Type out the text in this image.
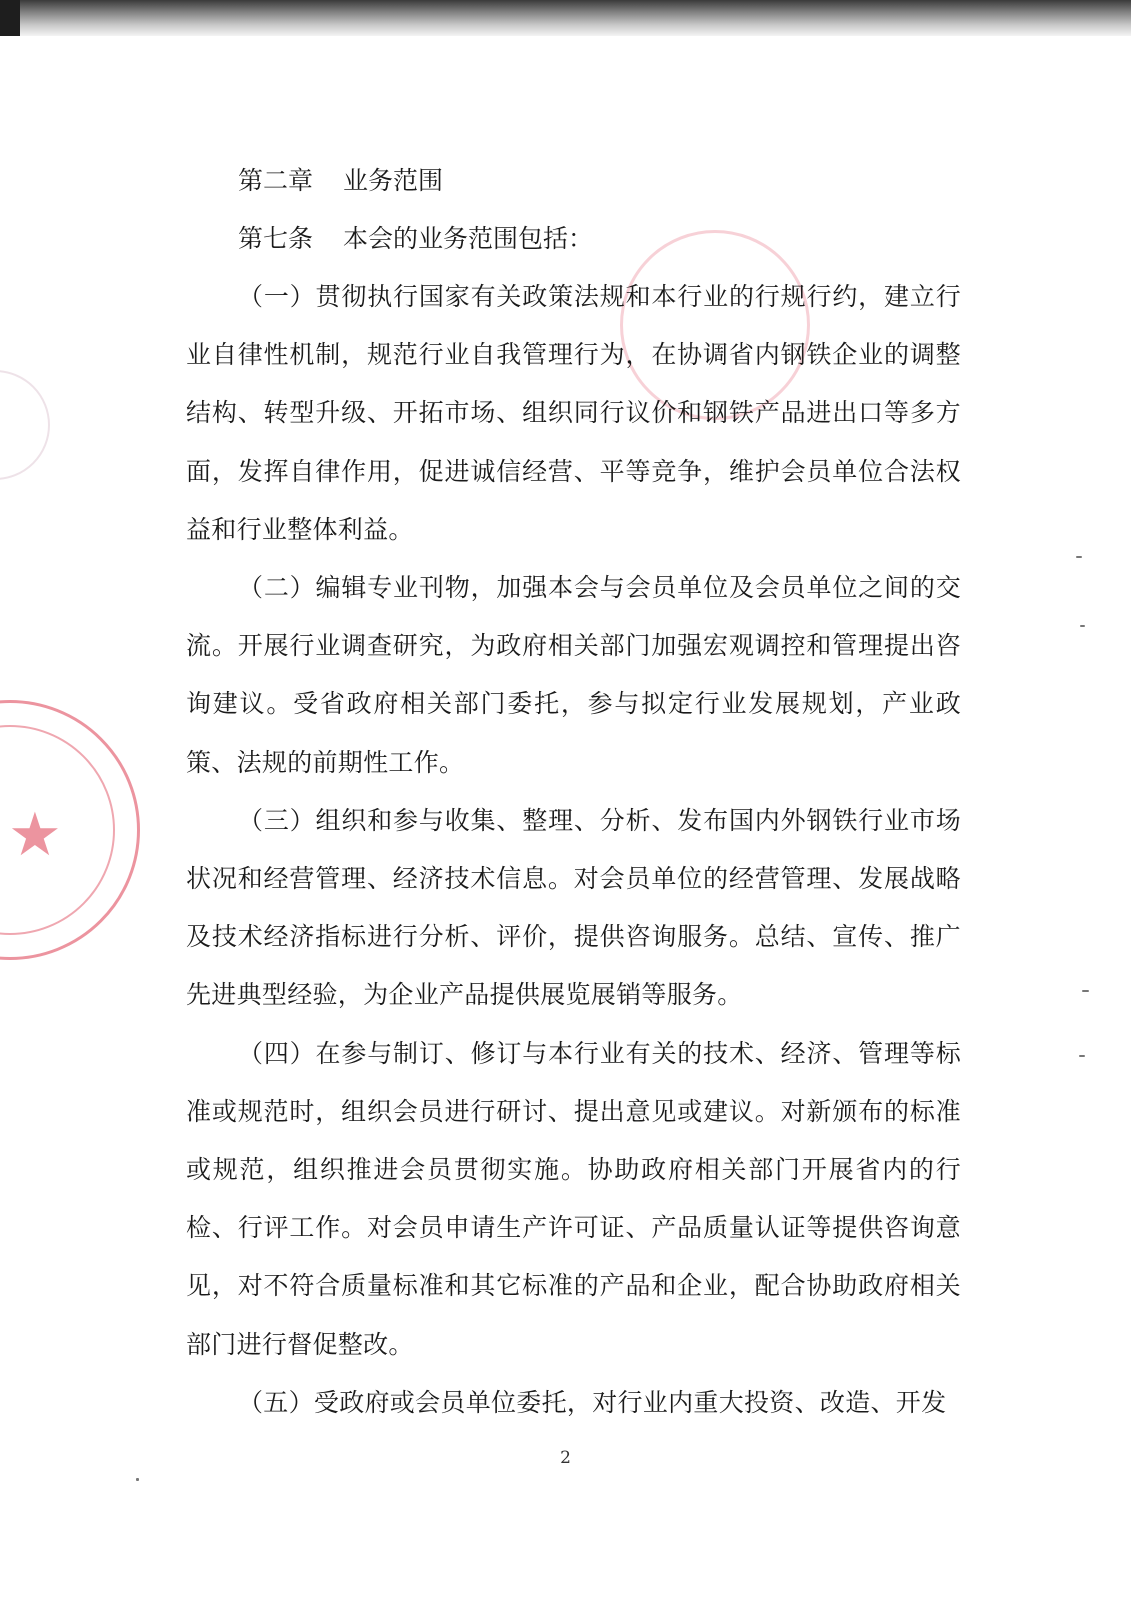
★

第二章 业务范围

第七条 本会的业务范围包括：

（一）贯彻执行国家有关政策法规和本行业的行规行约，建立行业自律性机制，规范行业自我管理行为，在协调省内钢铁企业的调整结构、转型升级、开拓市场、组织同行议价和钢铁产品进出口等多方面，发挥自律作用，促进诚信经营、平等竞争，维护会员单位合法权益和行业整体利益。

（二）编辑专业刊物，加强本会与会员单位及会员单位之间的交流。开展行业调查研究，为政府相关部门加强宏观调控和管理提出咨询建议。受省政府相关部门委托，参与拟定行业发展规划，产业政策、法规的前期性工作。

（三）组织和参与收集、整理、分析、发布国内外钢铁行业市场状况和经营管理、经济技术信息。对会员单位的经营管理、发展战略及技术经济指标进行分析、评价，提供咨询服务。总结、宣传、推广先进典型经验，为企业产品提供展览展销等服务。

（四）在参与制订、修订与本行业有关的技术、经济、管理等标准或规范时，组织会员进行研讨、提出意见或建议。对新颁布的标准或规范，组织推进会员贯彻实施。协助政府相关部门开展省内的行检、行评工作。对会员申请生产许可证、产品质量认证等提供咨询意见，对不符合质量标准和其它标准的产品和企业，配合协助政府相关部门进行督促整改。

（五）受政府或会员单位委托，对行业内重大投资、改造、开发

2
